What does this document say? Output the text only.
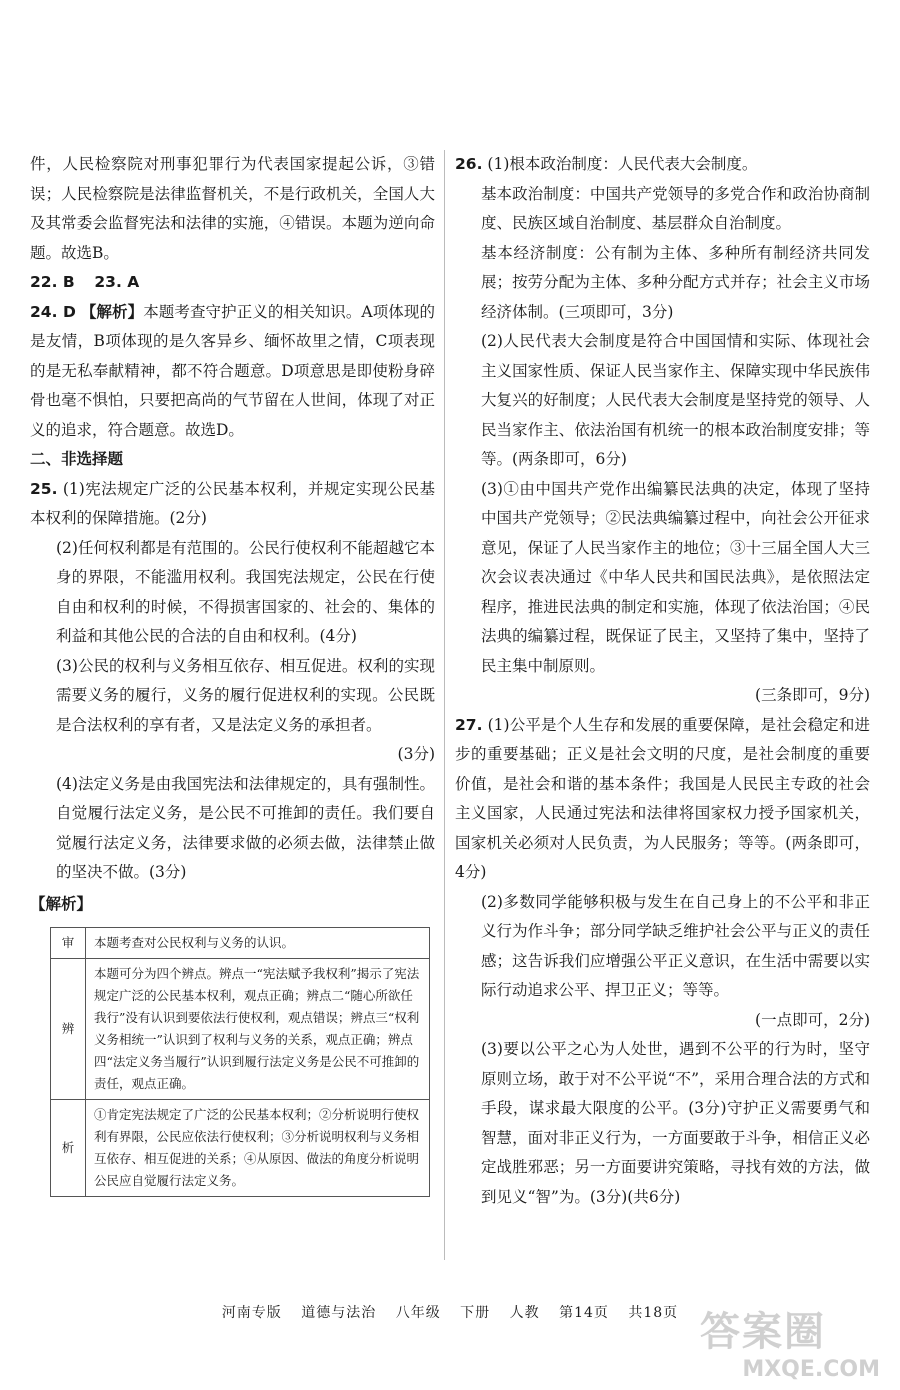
件，人民检察院对刑事犯罪行为代表国家提起公诉，③错误；人民检察院是法律监督机关，不是行政机关，全国人大及其常委会监督宪法和法律的实施，④错误。本题为逆向命题。故选B。

22. B 23. A

24. D 【解析】本题考查守护正义的相关知识。A项体现的是友情，B项体现的是久客异乡、缅怀故里之情，C项表现的是无私奉献精神，都不符合题意。D项意思是即使粉身碎骨也毫不惧怕，只要把高尚的气节留在人世间，体现了对正义的追求，符合题意。故选D。

二、非选择题

25. (1)宪法规定广泛的公民基本权利，并规定实现公民基本权利的保障措施。(2分)

(2)任何权利都是有范围的。公民行使权利不能超越它本身的界限，不能滥用权利。我国宪法规定，公民在行使自由和权利的时候，不得损害国家的、社会的、集体的利益和其他公民的合法的自由和权利。(4分)

(3)公民的权利与义务相互依存、相互促进。权利的实现需要义务的履行，义务的履行促进权利的实现。公民既是合法权利的享有者，又是法定义务的承担者。

(3分)

(4)法定义务是由我国宪法和法律规定的，具有强制性。自觉履行法定义务，是公民不可推卸的责任。我们要自觉履行法定义务，法律要求做的必须去做，法律禁止做的坚决不做。(3分)

【解析】

审	本题考查对公民权利与义务的认识。
辨	本题可分为四个辨点。辨点一“宪法赋予我权利”揭示了宪法规定广泛的公民基本权利，观点正确；辨点二“随心所欲任我行”没有认识到要依法行使权利，观点错误；辨点三“权利义务相统一”认识到了权利与义务的关系，观点正确；辨点四“法定义务当履行”认识到履行法定义务是公民不可推卸的责任，观点正确。
析	①肯定宪法规定了广泛的公民基本权利；②分析说明行使权利有界限，公民应依法行使权利；③分析说明权利与义务相互依存、相互促进的关系；④从原因、做法的角度分析说明公民应自觉履行法定义务。

26. (1)根本政治制度：人民代表大会制度。

基本政治制度：中国共产党领导的多党合作和政治协商制度、民族区域自治制度、基层群众自治制度。

基本经济制度：公有制为主体、多种所有制经济共同发展；按劳分配为主体、多种分配方式并存；社会主义市场经济体制。(三项即可，3分)

(2)人民代表大会制度是符合中国国情和实际、体现社会主义国家性质、保证人民当家作主、保障实现中华民族伟大复兴的好制度；人民代表大会制度是坚持党的领导、人民当家作主、依法治国有机统一的根本政治制度安排；等等。(两条即可，6分)

(3)①由中国共产党作出编纂民法典的决定，体现了坚持中国共产党领导；②民法典编纂过程中，向社会公开征求意见，保证了人民当家作主的地位；③十三届全国人大三次会议表决通过《中华人民共和国民法典》，是依照法定程序，推进民法典的制定和实施，体现了依法治国；④民法典的编纂过程，既保证了民主，又坚持了集中，坚持了民主集中制原则。

(三条即可，9分)

27. (1)公平是个人生存和发展的重要保障，是社会稳定和进步的重要基础；正义是社会文明的尺度，是社会制度的重要价值，是社会和谐的基本条件；我国是人民民主专政的社会主义国家，人民通过宪法和法律将国家权力授予国家机关，国家机关必须对人民负责，为人民服务；等等。(两条即可，4分)

(2)多数同学能够积极与发生在自己身上的不公平和非正义行为作斗争；部分同学缺乏维护社会公平与正义的责任感；这告诉我们应增强公平正义意识，在生活中需要以实际行动追求公平、捍卫正义；等等。

(一点即可，2分)

(3)要以公平之心为人处世，遇到不公平的行为时，坚守原则立场，敢于对不公平说“不”，采用合理合法的方式和手段，谋求最大限度的公平。(3分)守护正义需要勇气和智慧，面对非正义行为，一方面要敢于斗争，相信正义必定战胜邪恶；另一方面要讲究策略，寻找有效的方法，做到见义“智”为。(3分)(共6分)

河南专版 道德与法治 八年级 下册 人教 第14页 共18页 答案圈
MXQE.COM
